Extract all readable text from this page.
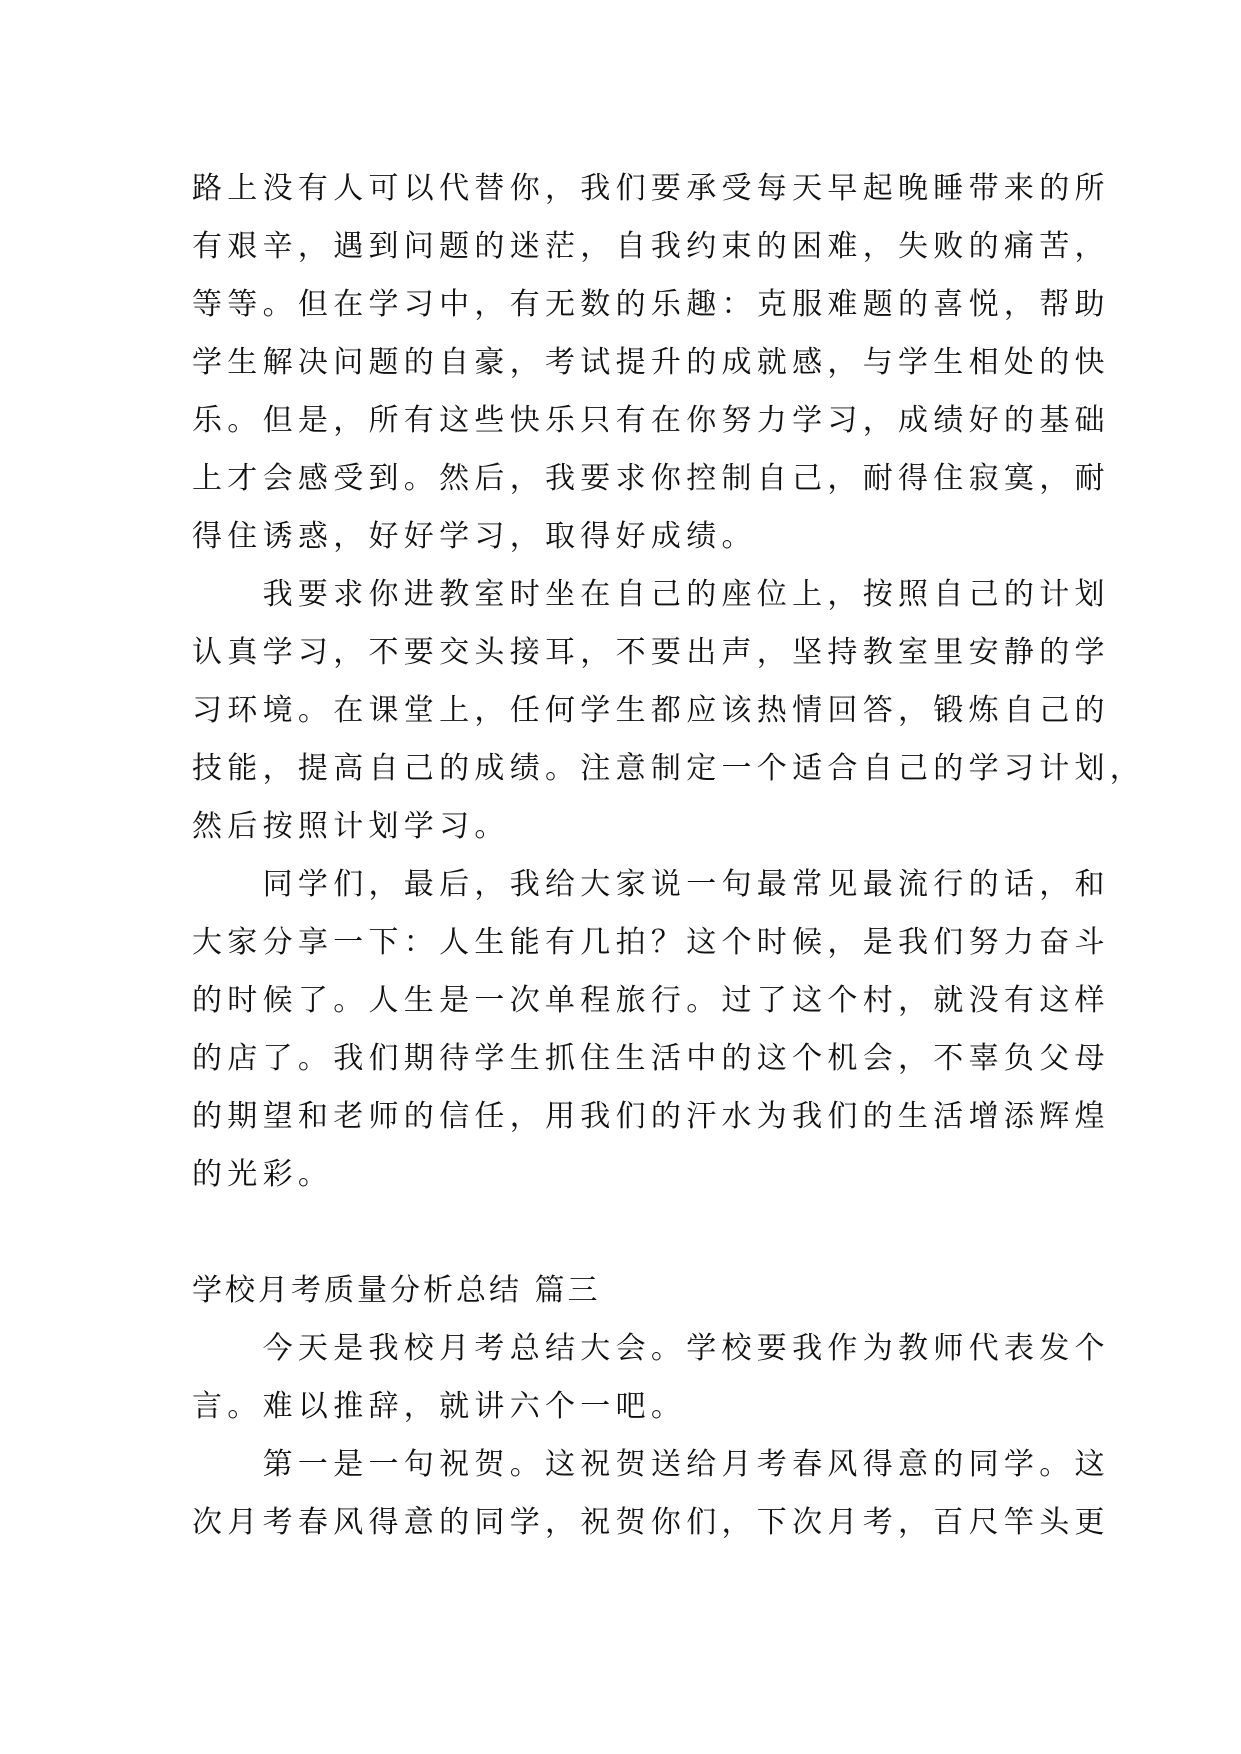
路上没有人可以代替你，我们要承受每天早起晚睡带来的所
有艰辛，遇到问题的迷茫，自我约束的困难，失败的痛苦，
等等。但在学习中，有无数的乐趣：克服难题的喜悦，帮助
学生解决问题的自豪，考试提升的成就感，与学生相处的快
乐。但是，所有这些快乐只有在你努力学习，成绩好的基础
上才会感受到。然后，我要求你控制自己，耐得住寂寞，耐
得住诱惑，好好学习，取得好成绩。
　　我要求你进教室时坐在自己的座位上，按照自己的计划
认真学习，不要交头接耳，不要出声，坚持教室里安静的学
习环境。在课堂上，任何学生都应该热情回答，锻炼自己的
技能，提高自己的成绩。注意制定一个适合自己的学习计划，
然后按照计划学习。
　　同学们，最后，我给大家说一句最常见最流行的话，和
大家分享一下：人生能有几拍？这个时候，是我们努力奋斗
的时候了。人生是一次单程旅行。过了这个村，就没有这样
的店了。我们期待学生抓住生活中的这个机会，不辜负父母
的期望和老师的信任，用我们的汗水为我们的生活增添辉煌
的光彩。
学校月考质量分析总结 篇三
　　今天是我校月考总结大会。学校要我作为教师代表发个
言。难以推辞，就讲六个一吧。
　　第一是一句祝贺。这祝贺送给月考春风得意的同学。这
次月考春风得意的同学，祝贺你们，下次月考，百尺竿头更
